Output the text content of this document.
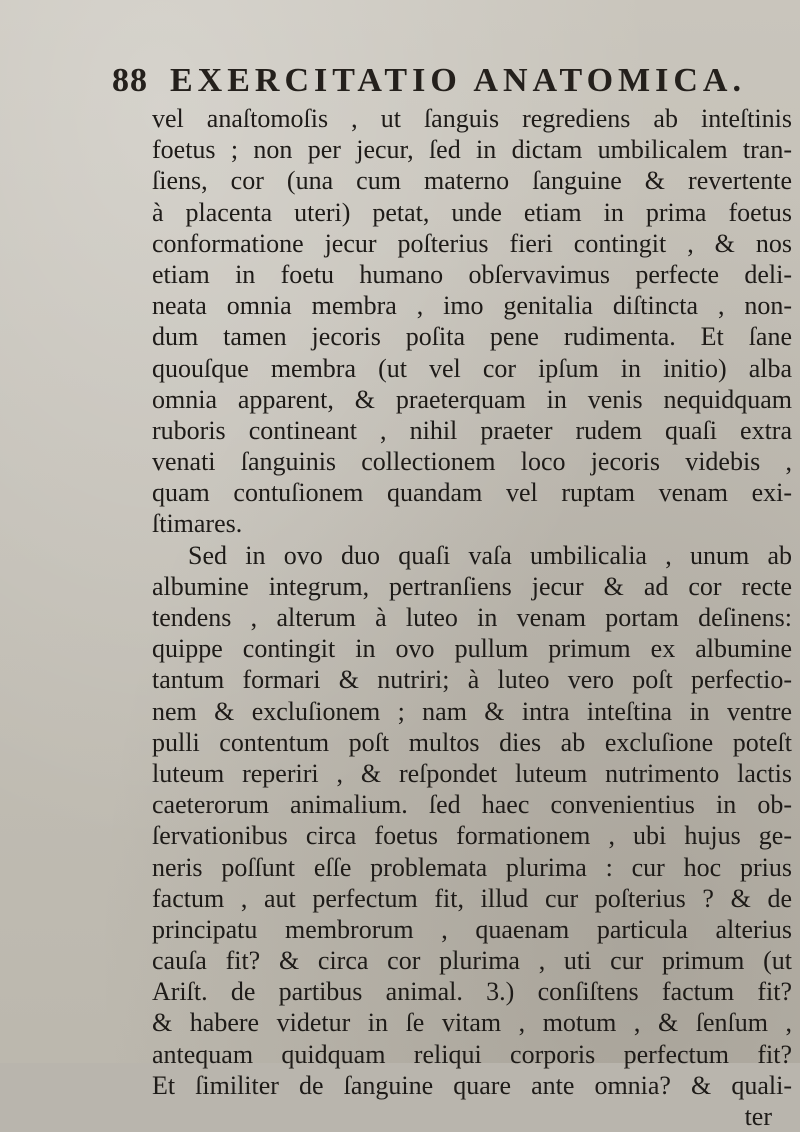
88 EXERCITATIO ANATOMICA.
vel anaſtomoſis , ut ſanguis regrediens ab inteſtinis
foetus ; non per jecur, ſed in dictam umbilicalem tran-
ſiens, cor (una cum materno ſanguine & revertente
à placenta uteri) petat, unde etiam in prima foetus
conformatione jecur poſterius fieri contingit , & nos
etiam in foetu humano obſervavimus perfecte deli-
neata omnia membra , imo genitalia diſtincta , non-
dum tamen jecoris poſita pene rudimenta. Et ſane
quouſque membra (ut vel cor ipſum in initio) alba
omnia apparent, & praeterquam in venis nequidquam
ruboris contineant , nihil praeter rudem quaſi extra
venati ſanguinis collectionem loco jecoris videbis ,
quam contuſionem quandam vel ruptam venam exi-
ſtimares.
Sed in ovo duo quaſi vaſa umbilicalia , unum ab
albumine integrum, pertranſiens jecur & ad cor recte
tendens , alterum à luteo in venam portam deſinens:
quippe contingit in ovo pullum primum ex albumine
tantum formari & nutriri; à luteo vero poſt perfectio-
nem & excluſionem ; nam & intra inteſtina in ventre
pulli contentum poſt multos dies ab excluſione poteſt
luteum reperiri , & reſpondet luteum nutrimento lactis
caeterorum animalium. ſed haec convenientius in ob-
ſervationibus circa foetus formationem , ubi hujus ge-
neris poſſunt eſſe problemata plurima : cur hoc prius
factum , aut perfectum fit, illud cur poſterius ? & de
principatu membrorum , quaenam particula alterius
cauſa fit? & circa cor plurima , uti cur primum (ut
Ariſt. de partibus animal. 3.) conſiſtens factum fit?
& habere videtur in ſe vitam , motum , & ſenſum ,
antequam quidquam reliqui corporis perfectum fit?
Et ſimiliter de ſanguine quare ante omnia? & quali-
ter
